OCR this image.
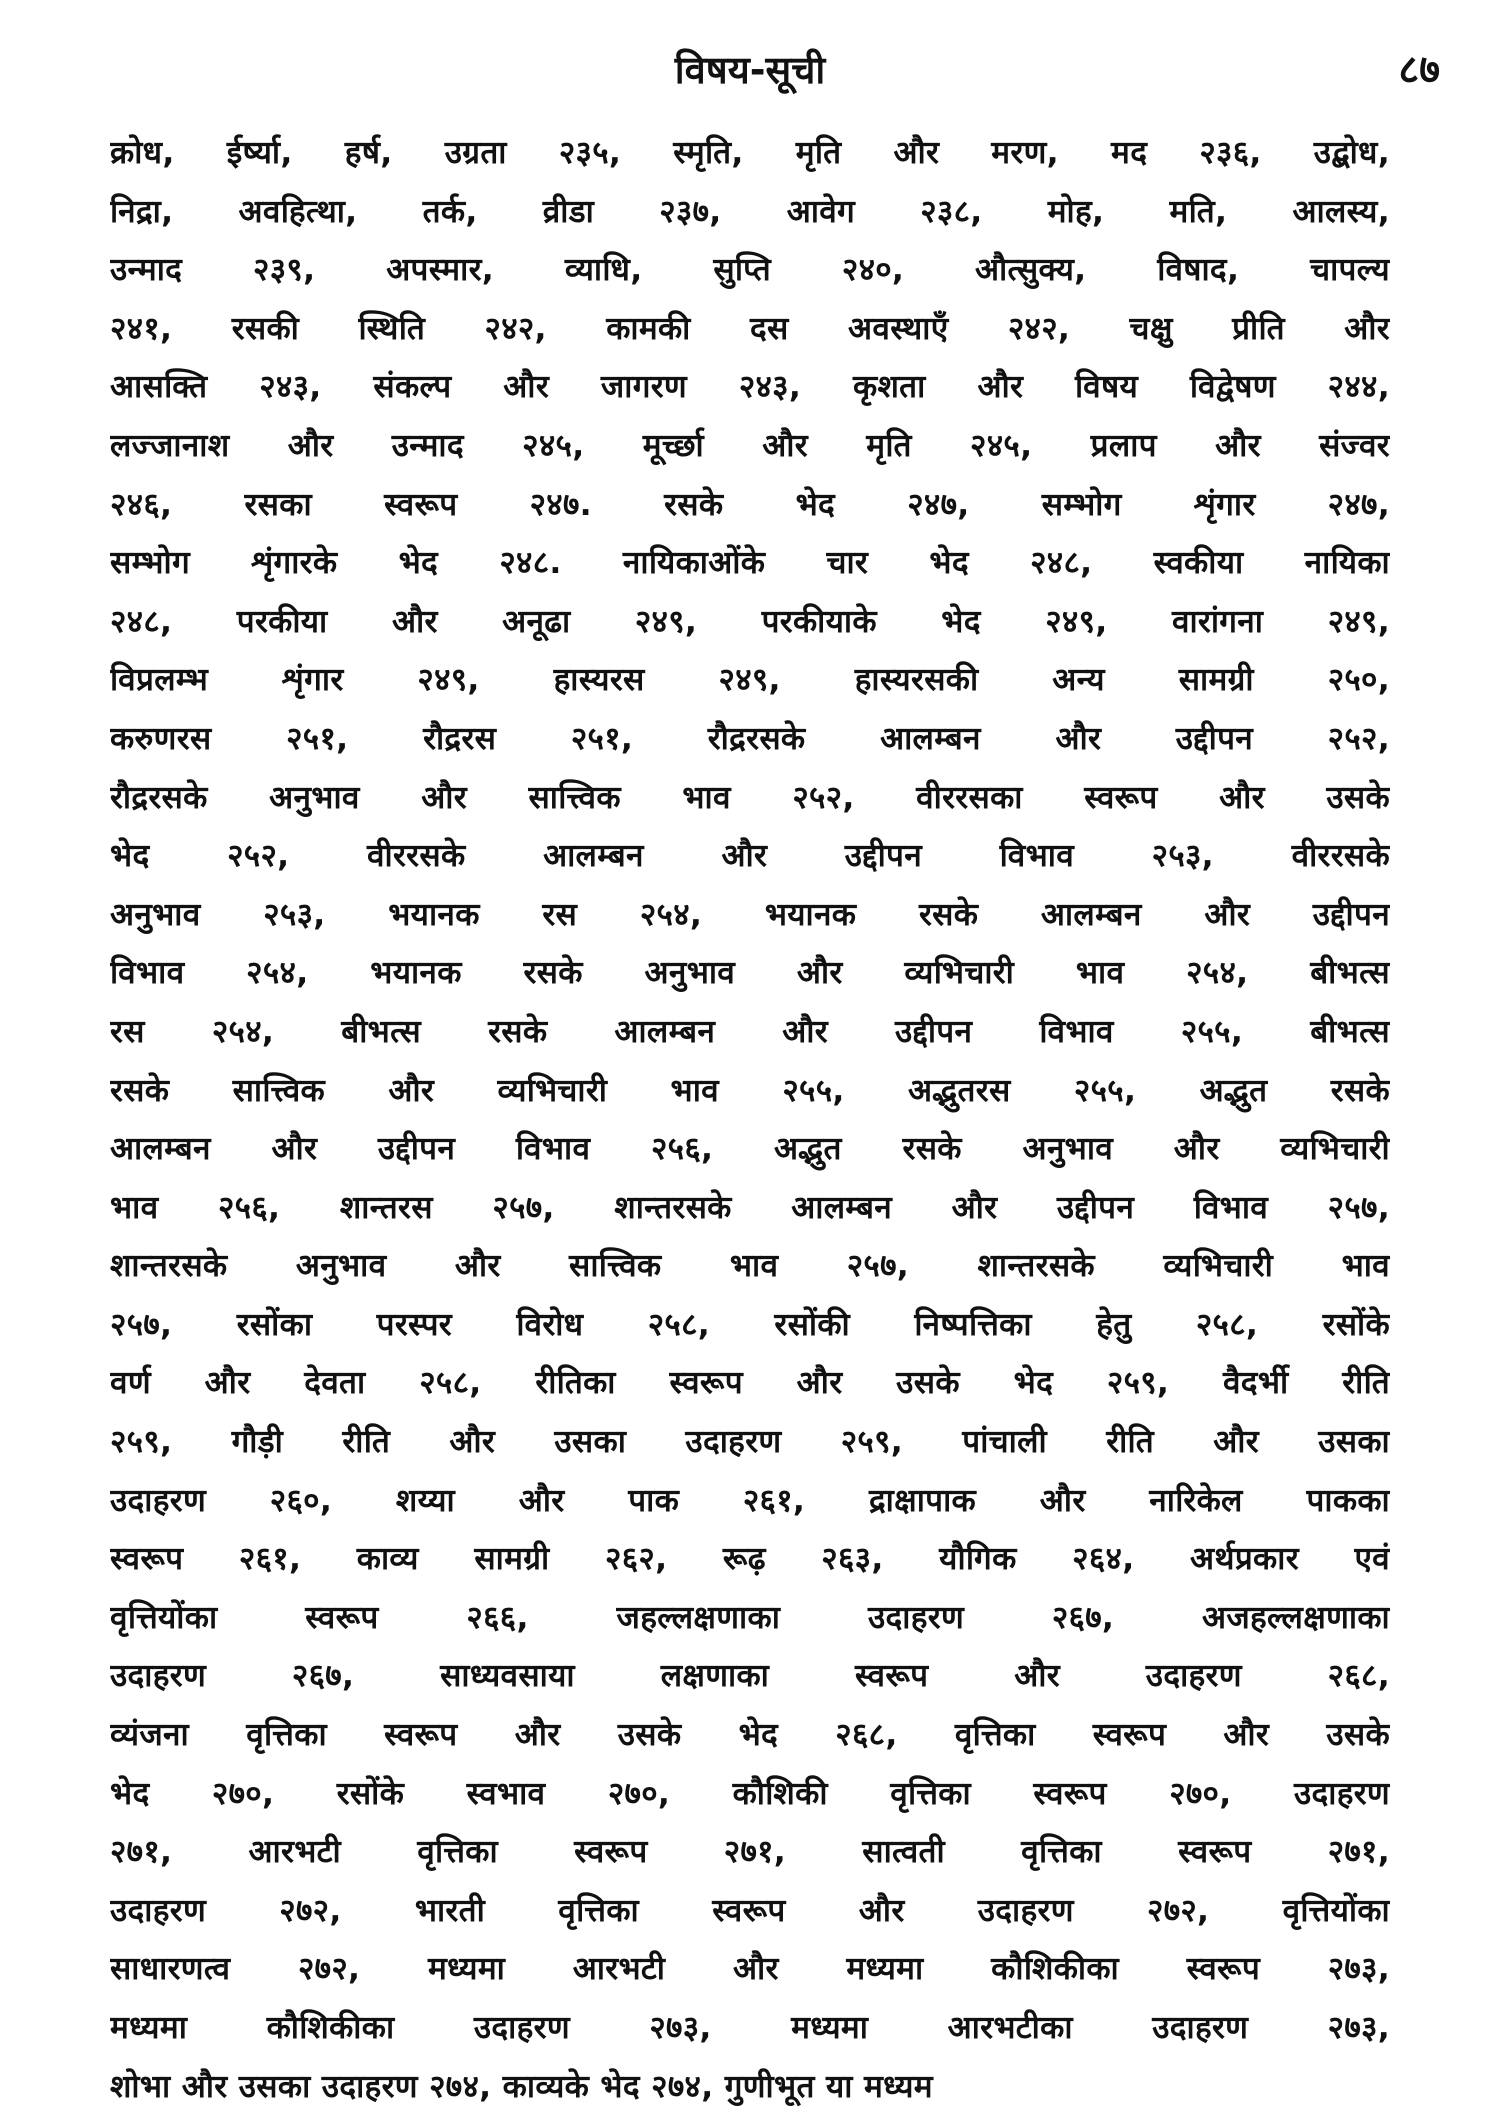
विषय-सूची	८७
क्रोध, ईर्ष्या, हर्ष, उग्रता २३५, स्मृति, मृति और मरण, मद २३६, उद्बोध,
निद्रा, अवहित्था, तर्क, व्रीडा २३७, आवेग २३८, मोह, मति, आलस्य,
उन्माद २३९, अपस्मार, व्याधि, सुप्ति २४०, औत्सुक्य, विषाद, चापल्य
२४१, रसकी स्थिति २४२, कामकी दस अवस्थाएँ २४२, चक्षु प्रीति और
आसक्ति २४३, संकल्प और जागरण २४३, कृशता और विषय विद्वेषण २४४,
लज्जानाश और उन्माद २४५, मूर्च्छा और मृति २४५, प्रलाप और संज्वर
२४६, रसका स्वरूप २४७. रसके भेद २४७, सम्भोग शृंगार २४७,
सम्भोग शृंगारके भेद २४८. नायिकाओंके चार भेद २४८, स्वकीया नायिका
२४८, परकीया और अनूढा २४९, परकीयाके भेद २४९, वारांगना २४९,
विप्रलम्भ शृंगार २४९, हास्यरस २४९, हास्यरसकी अन्य सामग्री २५०,
करुणरस २५१, रौद्ररस २५१, रौद्ररसके आलम्बन और उद्दीपन २५२,
रौद्ररसके अनुभाव और सात्त्विक भाव २५२, वीररसका स्वरूप और उसके
भेद २५२, वीररसके आलम्बन और उद्दीपन विभाव २५३, वीररसके
अनुभाव २५३, भयानक रस २५४, भयानक रसके आलम्बन और उद्दीपन
विभाव २५४, भयानक रसके अनुभाव और व्यभिचारी भाव २५४, बीभत्स
रस २५४, बीभत्स रसके आलम्बन और उद्दीपन विभाव २५५, बीभत्स
रसके सात्त्विक और व्यभिचारी भाव २५५, अद्भुतरस २५५, अद्भुत रसके
आलम्बन और उद्दीपन विभाव २५६, अद्भुत रसके अनुभाव और व्यभिचारी
भाव २५६, शान्तरस २५७, शान्तरसके आलम्बन और उद्दीपन विभाव २५७,
शान्तरसके अनुभाव और सात्त्विक भाव २५७, शान्तरसके व्यभिचारी भाव
२५७, रसोंका परस्पर विरोध २५८, रसोंकी निष्पत्तिका हेतु २५८, रसोंके
वर्ण और देवता २५८, रीतिका स्वरूप और उसके भेद २५९, वैदर्भी रीति
२५९, गौड़ी रीति और उसका उदाहरण २५९, पांचाली रीति और उसका
उदाहरण २६०, शय्या और पाक २६१, द्राक्षापाक और नारिकेल पाकका
स्वरूप २६१, काव्य सामग्री २६२, रूढ़ २६३, यौगिक २६४, अर्थप्रकार एवं
वृत्तियोंका स्वरूप २६६, जहल्लक्षणाका उदाहरण २६७, अजहल्लक्षणाका
उदाहरण २६७, साध्यवसाया लक्षणाका स्वरूप और उदाहरण २६८,
व्यंजना वृत्तिका स्वरूप और उसके भेद २६८, वृत्तिका स्वरूप और उसके
भेद २७०, रसोंके स्वभाव २७०, कौशिकी वृत्तिका स्वरूप २७०, उदाहरण
२७१, आरभटी वृत्तिका स्वरूप २७१, सात्वती वृत्तिका स्वरूप २७१,
उदाहरण २७२, भारती वृत्तिका स्वरूप और उदाहरण २७२, वृत्तियोंका
साधारणत्व २७२, मध्यमा आरभटी और मध्यमा कौशिकीका स्वरूप २७३,
मध्यमा कौशिकीका उदाहरण २७३, मध्यमा आरभटीका उदाहरण २७३,
शोभा और उसका उदाहरण २७४, काव्यके भेद २७४, गुणीभूत या मध्यम
